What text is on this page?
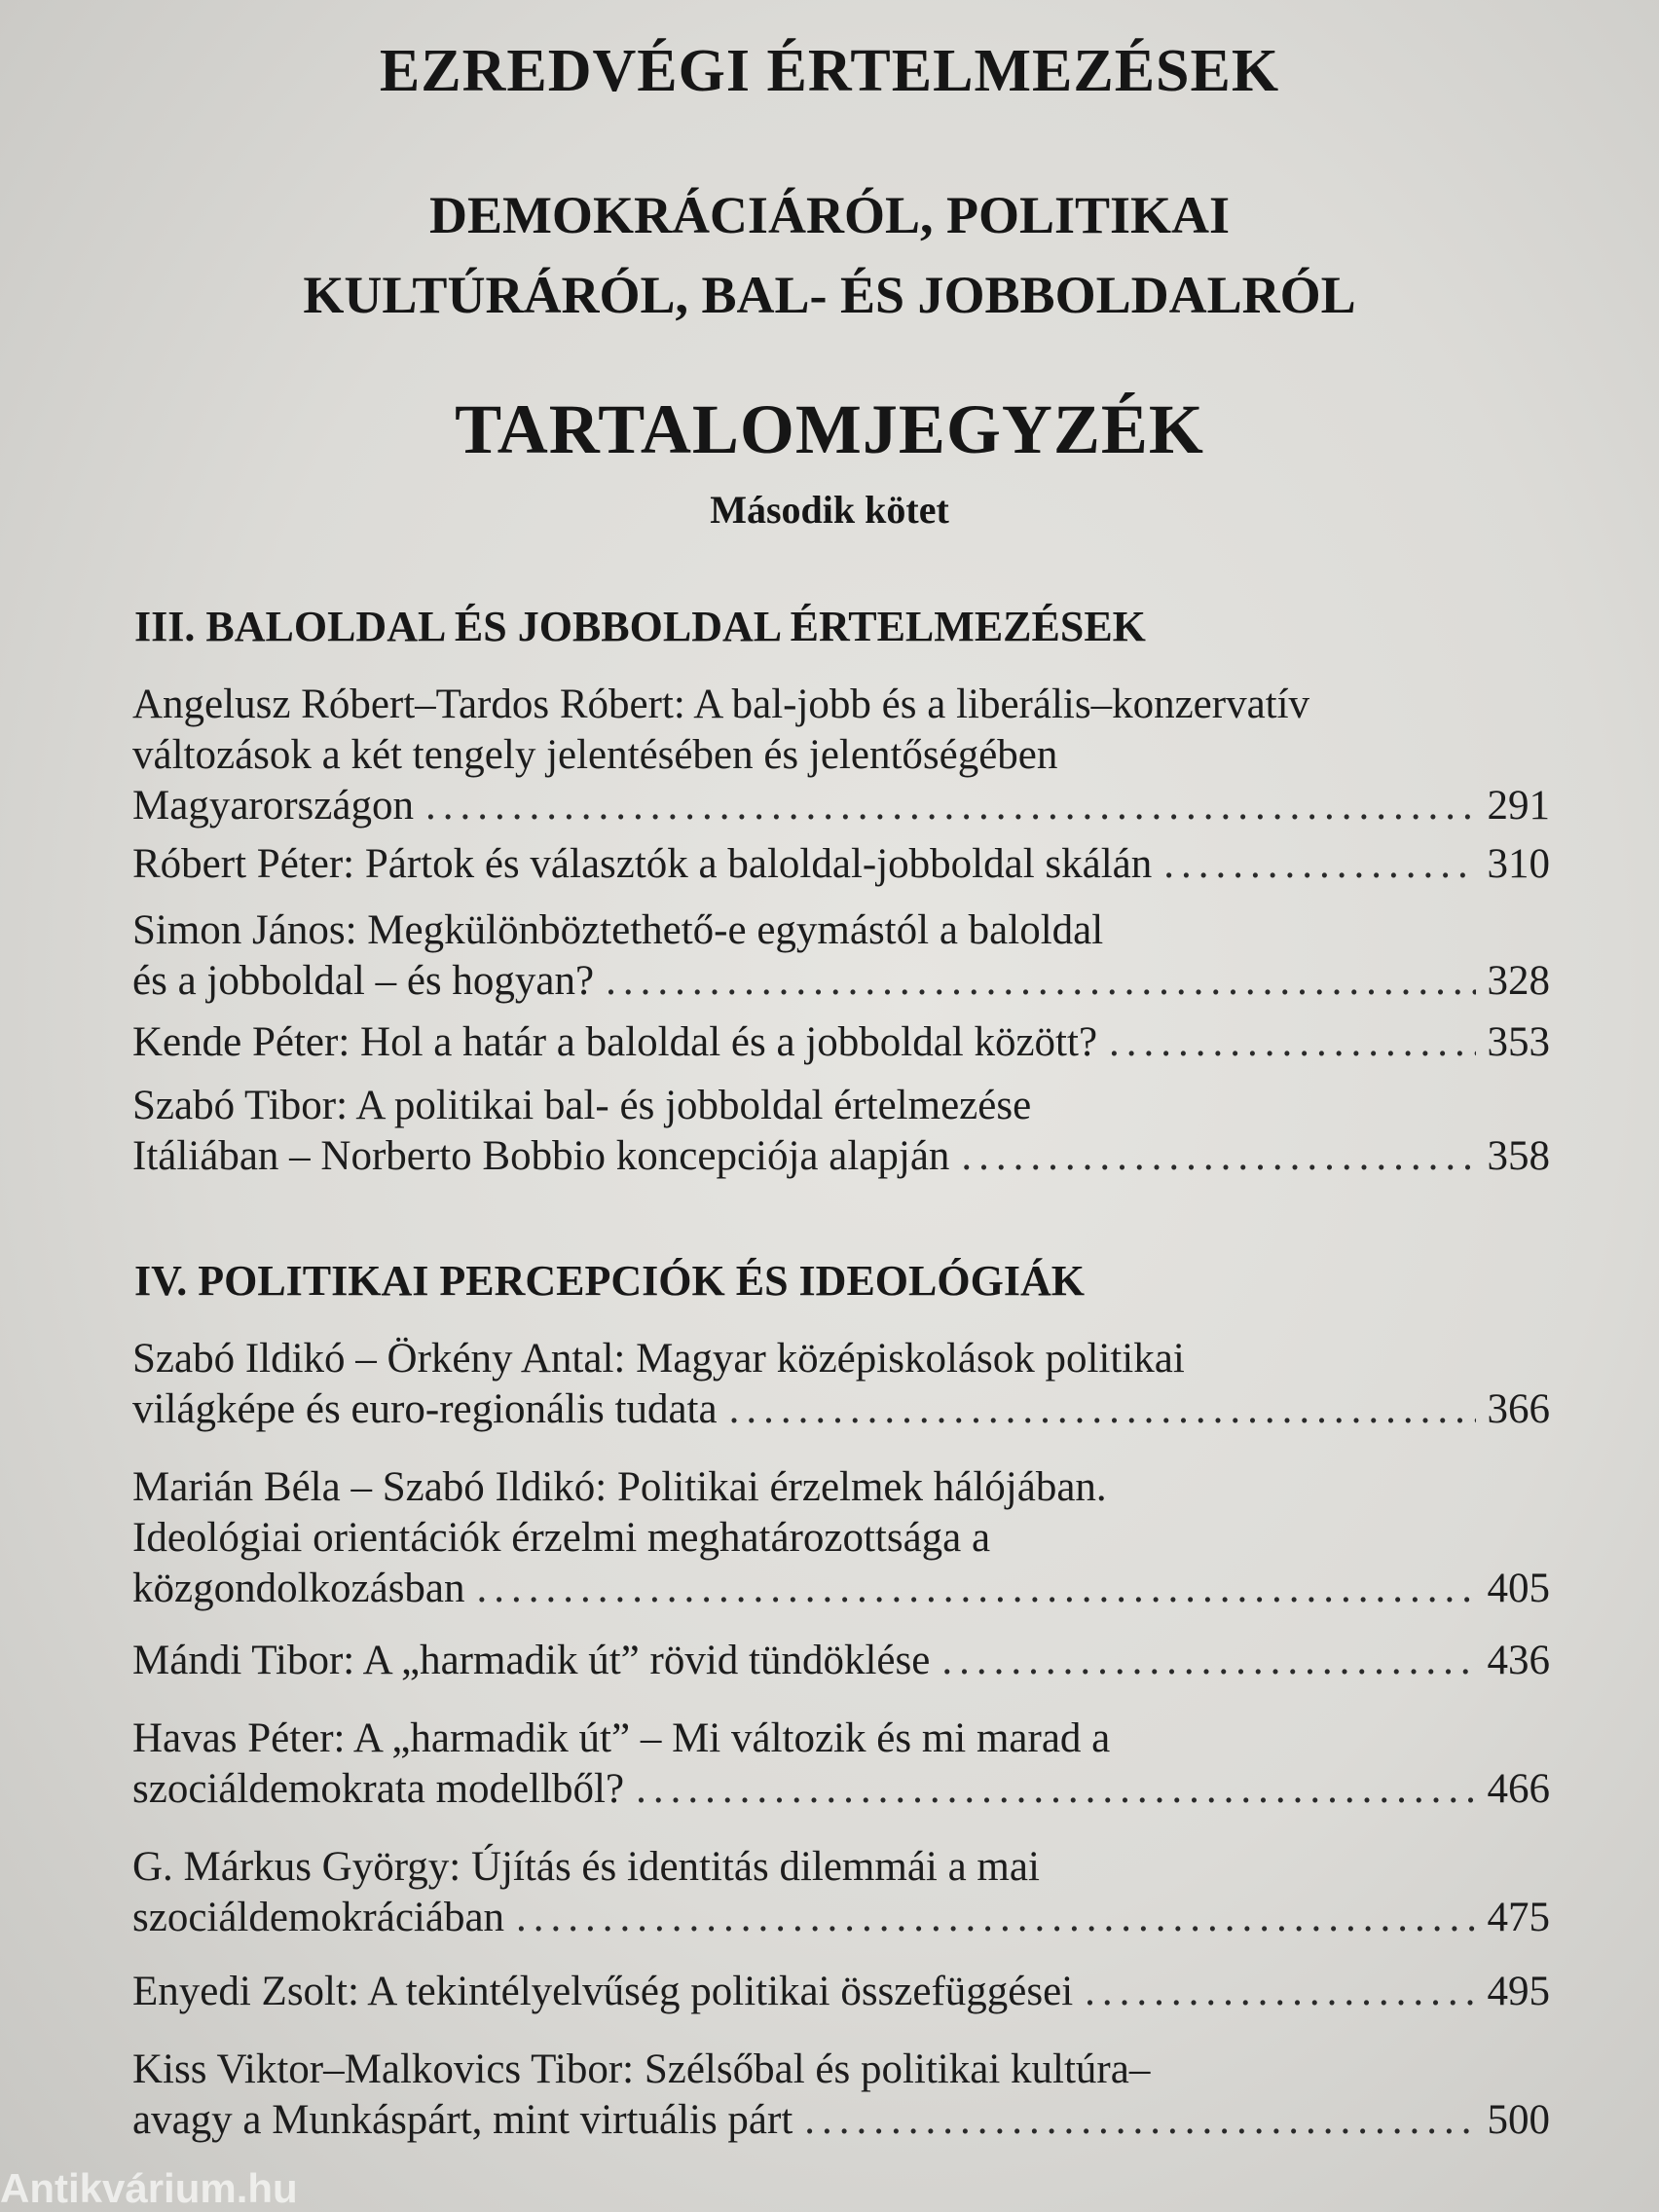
EZREDVÉGI ÉRTELMEZÉSEK
DEMOKRÁCIÁRÓL, POLITIKAI
KULTÚRÁRÓL, BAL- ÉS JOBBOLDALRÓL
TARTALOMJEGYZÉK
Második kötet
III. BALOLDAL ÉS JOBBOLDAL ÉRTELMEZÉSEK
Angelusz Róbert–Tardos Róbert: A bal-jobb és a liberális–konzervatív
változások a két tengely jelentésében és jelentőségében
Magyarországon .....	291
Róbert Péter: Pártok és választók a baloldal-jobboldal skálán .....	310
Simon János: Megkülönböztethető-e egymástól a baloldal
és a jobboldal – és hogyan? .....	328
Kende Péter: Hol a határ a baloldal és a jobboldal között? .....	353
Szabó Tibor: A politikai bal- és jobboldal értelmezése
Itáliában – Norberto Bobbio koncepciója alapján .....	358
IV. POLITIKAI PERCEPCIÓK ÉS IDEOLÓGIÁK
Szabó Ildikó – Örkény Antal: Magyar középiskolások politikai
világképe és euro-regionális tudata .....	366
Marián Béla – Szabó Ildikó: Politikai érzelmek hálójában.
Ideológiai orientációk érzelmi meghatározottsága a
közgondolkozásban .....	405
Mándi Tibor: A „harmadik út” rövid tündöklése .....	436
Havas Péter: A „harmadik út” – Mi változik és mi marad a
szociáldemokrata modellből? .....	466
G. Márkus György: Újítás és identitás dilemmái a mai
szociáldemokráciában .....	475
Enyedi Zsolt: A tekintélyelvűség politikai összefüggései .....	495
Kiss Viktor–Malkovics Tibor: Szélsőbal és politikai kultúra–
avagy a Munkáspárt, mint virtuális párt .....	500
Antikvárium.hu
